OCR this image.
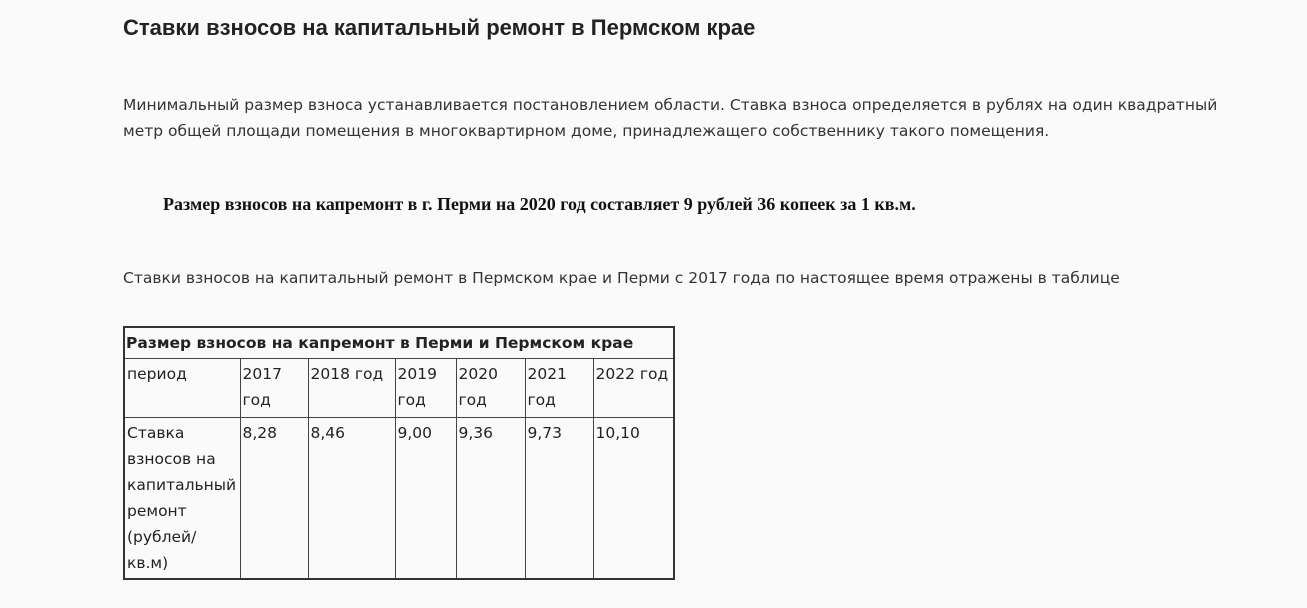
Ставки взносов на капитальный ремонт в Пермском крае

Минимальный размер взноса устанавливается постановлением области. Ставка взноса определяется в рублях на один квадратный
метр общей площади помещения в многоквартирном доме, принадлежащего собственнику такого помещения.

Размер взносов на капремонт в г. Перми на 2020 год составляет 9 рублей 36 копеек за 1 кв.м.

Ставки взносов на капитальный ремонт в Пермском крае и Перми с 2017 года по настоящее время отражены в таблице

Размер взносов на капремонт в Перми и Пермском крае						
период	2017 год	2018 год	2019 год	2020 год	2021 год	2022 год
Ставка взносов на капитальный ремонт (рублей/ кв.м)	8,28	8,46	9,00	9,36	9,73	10,10
